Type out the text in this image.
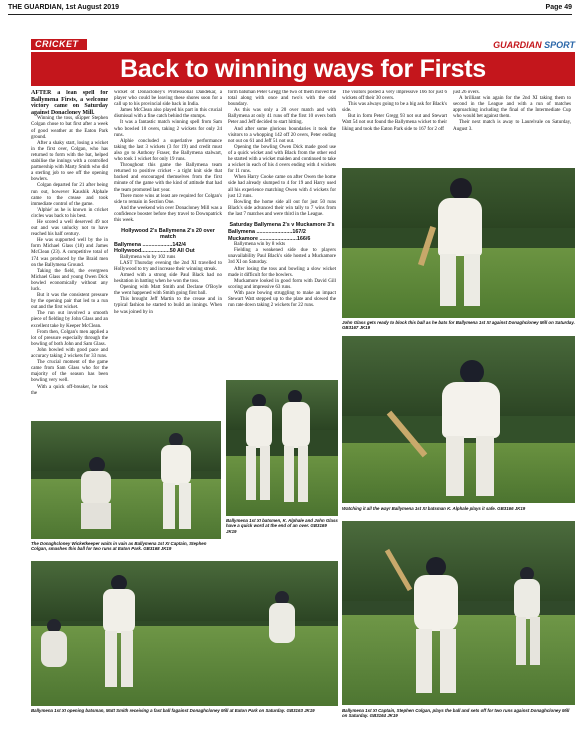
THE GUARDIAN, 1st August 2019	Page 49
CRICKET	GUARDIAN SPORT
Back to winning ways for Firsts

AFTER a lean spell for Ballymena Firsts, a welcome victory came on Saturday against Donacloney Mill.

Winning the toss, skipper Stephen Colgan chose to bat first after a week of good weather at the Eaton Park ground.

After a shaky start, losing a wicket in the first over, Colgan, who has returned to form with the bat, helped stabilise the innings with a controlled partnership with Marty Smith who did a sterling job to see off the opening bowlers.

Colgan departed for 21 after being run out, however Kaushik Alphale came to the crease and took immediate control of the game.

'Alphie' as he is known in cricket circles was back to his best.

He scored a well deserved 49 not out and was unlucky not to have reached his half century.

He was supported well by the in form Michael Glass (18) and James McClean (23). A competitive total of 174 was produced by the Braid men on the Ballymena Ground.

Taking the field, the evergreen Michael Glass and young Owen Dick bowled economically without any luck.

But it was the consistent pressure by the opening pair that led to a run out and the first wicket.

The run out involved a smooth piece of fielding by John Glass and an excellent take by Keeper McClean.

From then, Colgan's men applied a lot of pressure especially through the bowling of both John and Sam Glass.

John bowled with good pace and accuracy taking 2 wickets for 33 runs.

The crucial moment of the game came from Sam Glass who for the majority of the season has been bowling very well.

With a quick off-breaker, he took the

wicket of Donacloney's Professional Dandekar, a player who could be leaving these shores soon for a call up to his provincial side back in India.

James McClean also played his part in this crucial dismissal with a fine catch behind the stumps.

It was a fantastic match winning spell from Sam who bowled 10 overs, taking 2 wickets for only 24 runs.

Alphie concluded a superlative performance taking the last 3 wickets (3 for 19) and credit must also go to Anthony Fraser, the Ballymena stalwart, who took 1 wicket for only 19 runs.

Throughout this game the Ballymena team returned to positive cricket - a tight knit side that backed and encouraged themselves from the first minute of the game with the kind of attitude that had the team promoted last year.

There more wins at least are required for Colgan's side to remain in Section One.

And the weekend win over Donacloney Mill was a confidence booster before they travel to Downpatrick this week.

Hollywood 2's Ballymena 2's 20 over match
Ballymena ....................142/4
Hollywood...................50 All Out

Ballymena win by 102 runs

LAST Thursday evening the 2nd XI travelled to Hollywood to try and increase their winning streak.

Armed with a strong side Paul Black had no hesitation in batting when he won the toss.

Opening with Matt Smith and Declane O'Boyle the went happened with Smith going first ball.

This brought Jeff Martin to the crease and in typical fashion he started to build an innings. When he was joined by in

form batsman Peter Gregg the two of them moved the total along with once and two's with the odd boundary.

As this was only a 20 over match and with Ballymena at only 41 runs off the first 10 overs both Peter and Jeff decided to start hitting.

And after some glorious boundaries it took the visitors to a whopping 142 off 20 overs, Peter ending not out on 61 and Jeff 51 not out.

Opening the bowling Owen Dick made good use of a quick wicket and with Black from the other end he started with a wicket maiden and continued to take a wicket in each of his 4 overs ending with 4 wickets for 11 runs.

When Harry Cooke came on after Owen the home side had already slumped to 4 for 19 and Harry used all his experience matching Owen with 4 wickets for just 12 runs.

Bowling the home side all out for just 50 runs Black's side advanced their win tally to 7 wins from the last 7 matches and were third in the League.

Saturday Ballymena 2's v Muckamore 3's
Ballymena ........................167/2
Muckamore .........................166/6

Ballymena win by 8 wkts

Fielding a weakened side due to players unavailability Paul Black's side hosted a Muckamore 3rd XI on Saturday.

After losing the toss and bowling a slow wicket made it difficult for the bowlers.

Muckamore looked in good form with David Gill scoring and impressive 63 runs.

With pace bowing struggling to make an impact Stewart Watt stepped up to the plate and slowed the run rate down taking 2 wickets for 22 runs.

The visitors posted a very impressive 166 for just 6 wickets off their 30 overs.

This was always going to be a big ask for Black's side.

But in form Peter Gregg 93 not out and Stewart Watt 54 not out found the Ballymena wicket to their liking and took the Eaton Park side to 167 for 2 off

just 26 overs.

A brilliant win again for the 2nd XI taking them to second in the League and with a run of matches approaching including the final of the Intermediate Cup who would bet against them.

Their next match is away to Laurelvale on Saturday, August 3.

John Glass gets ready to block this ball as he bats for Ballymena 1st XI against Donaghcloney Mill on Saturday. GB3167 JK19
Watching it all the way! Ballymena 1st XI batsman K. Alphale plays it safe. GB3166 JK19
The Donaghcloney Wicketkeeper waits in vain as Ballymena 1st XI Captain, Stephen Colgan, smashes this ball for two runs at Eaton Park. GB3168 JK19
Ballymena 1st XI batsmen, K. Alphale and John Glass have a quick word at the end of an over. GB3169 JK19
Ballymena 1st XI opening batsman, Matt Smith receiving a fast ball fagainst Donaghcloney Mill at Eaton Park on Saturday. GB3163 JK19	Ballymena 1st XI Captain, Stephen Colgan, plays the ball and sets off for two runs against Donaghcloney Mill on Saturday. GB3164 JK19
